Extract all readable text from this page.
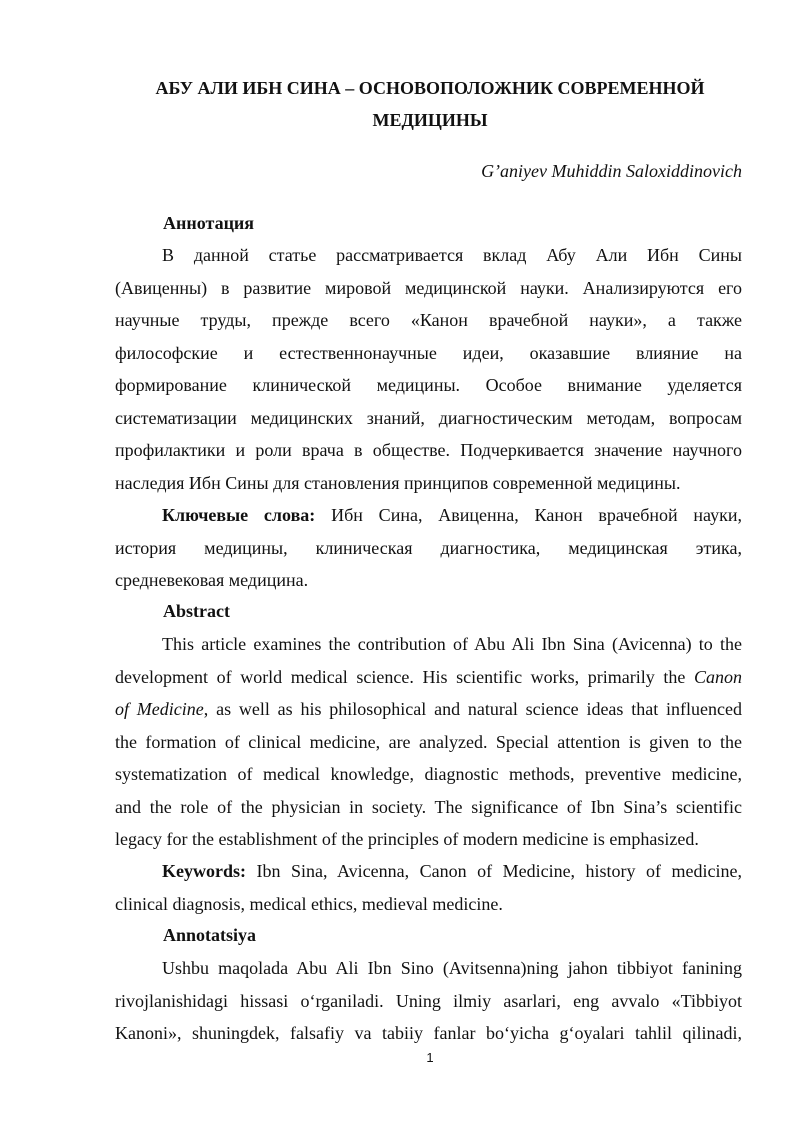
АБУ АЛИ ИБН СИНА – ОСНОВОПОЛОЖНИК СОВРЕМЕННОЙ
МЕДИЦИНЫ
G’aniyev Muhiddin Saloxiddinovich
Аннотация
В данной статье рассматривается вклад Абу Али Ибн Сины
(Авиценны) в развитие мировой медицинской науки. Анализируются его
научные труды, прежде всего «Канон врачебной науки», а также
философские и естественнонаучные идеи, оказавшие влияние на
формирование клинической медицины. Особое внимание уделяется
систематизации медицинских знаний, диагностическим методам, вопросам
профилактики и роли врача в обществе. Подчеркивается значение научного
наследия Ибн Сины для становления принципов современной медицины.
Ключевые слова: Ибн Сина, Авиценна, Канон врачебной науки,
история медицины, клиническая диагностика, медицинская этика,
средневековая медицина.
Abstract
This article examines the contribution of Abu Ali Ibn Sina (Avicenna) to the
development of world medical science. His scientific works, primarily the Canon
of Medicine, as well as his philosophical and natural science ideas that influenced
the formation of clinical medicine, are analyzed. Special attention is given to the
systematization of medical knowledge, diagnostic methods, preventive medicine,
and the role of the physician in society. The significance of Ibn Sina’s scientific
legacy for the establishment of the principles of modern medicine is emphasized.
Keywords: Ibn Sina, Avicenna, Canon of Medicine, history of medicine,
clinical diagnosis, medical ethics, medieval medicine.
Annotatsiya
Ushbu maqolada Abu Ali Ibn Sino (Avitsenna)ning jahon tibbiyot fanining
rivojlanishidagi hissasi o‘rganiladi. Uning ilmiy asarlari, eng avvalo «Tibbiyot
Kanoni», shuningdek, falsafiy va tabiiy fanlar bo‘yicha g‘oyalari tahlil qilinadi,
1
